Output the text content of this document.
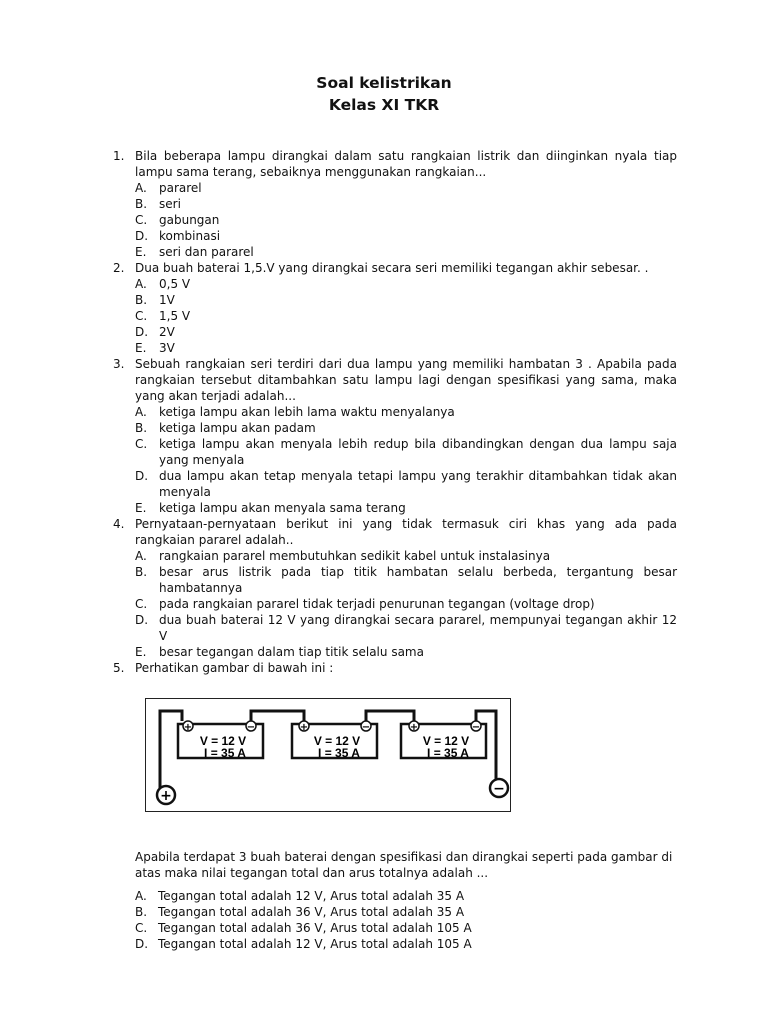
Soal kelistrikan
Kelas XI TKR
1. Bila beberapa lampu dirangkai dalam satu rangkaian listrik dan diinginkan nyala tiap lampu sama terang, sebaiknya menggunakan rangkaian...
A. pararel
B. seri
C. gabungan
D. kombinasi
E. seri dan pararel
2. Dua buah baterai 1,5.V yang dirangkai secara seri memiliki tegangan akhir sebesar. .
A. 0,5 V
B. 1V
C. 1,5 V
D. 2V
E. 3V
3. Sebuah rangkaian seri terdiri dari dua lampu yang memiliki hambatan 3 . Apabila pada rangkaian tersebut ditambahkan satu lampu lagi dengan spesifikasi yang sama, maka yang akan terjadi adalah...
A. ketiga lampu akan lebih lama waktu menyalanya
B. ketiga lampu akan padam
C. ketiga lampu akan menyala lebih redup bila dibandingkan dengan dua lampu saja yang menyala
D. dua lampu akan tetap menyala tetapi lampu yang terakhir ditambahkan tidak akan menyala
E. ketiga lampu akan menyala sama terang
4. Pernyataan-pernyataan berikut ini yang tidak termasuk ciri khas yang ada pada rangkaian pararel adalah..
A. rangkaian pararel membutuhkan sedikit kabel untuk instalasinya
B. besar arus listrik pada tiap titik hambatan selalu berbeda, tergantung besar hambatannya
C. pada rangkaian pararel tidak terjadi penurunan tegangan (voltage drop)
D. dua buah baterai 12 V yang dirangkai secara pararel, mempunyai tegangan akhir 12 V
E. besar tegangan dalam tiap titik selalu sama
5. Perhatikan gambar di bawah ini :
+	−
V = 12 V
I = 35 A
+	−
V = 12 V
I = 35 A
+	−
V = 12 V
I = 35 A
+	−
Apabila terdapat 3 buah baterai dengan spesifikasi dan dirangkai seperti pada gambar di atas maka nilai tegangan total dan arus totalnya adalah ...
A. Tegangan total adalah 12 V, Arus total adalah 35 A
B. Tegangan total adalah 36 V, Arus total adalah 35 A
C. Tegangan total adalah 36 V, Arus total adalah 105 A
D. Tegangan total adalah 12 V, Arus total adalah 105 A
